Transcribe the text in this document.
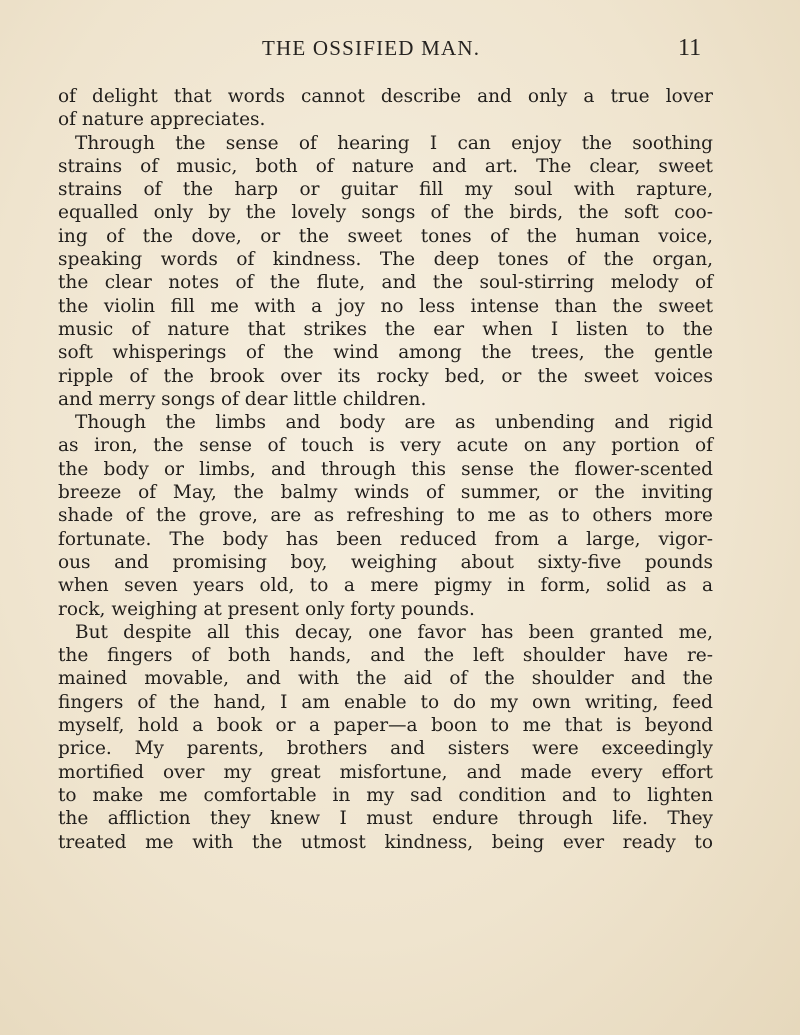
THE OSSIFIED MAN.	11
of delight that words cannot describe and only a true lover
of nature appreciates.
Through the sense of hearing I can enjoy the soothing
strains of music, both of nature and art. The clear, sweet
strains of the harp or guitar fill my soul with rapture,
equalled only by the lovely songs of the birds, the soft coo-
ing of the dove, or the sweet tones of the human voice,
speaking words of kindness. The deep tones of the organ,
the clear notes of the flute, and the soul-stirring melody of
the violin fill me with a joy no less intense than the sweet
music of nature that strikes the ear when I listen to the
soft whisperings of the wind among the trees, the gentle
ripple of the brook over its rocky bed, or the sweet voices
and merry songs of dear little children.
Though the limbs and body are as unbending and rigid
as iron, the sense of touch is very acute on any portion of
the body or limbs, and through this sense the flower-scented
breeze of May, the balmy winds of summer, or the inviting
shade of the grove, are as refreshing to me as to others more
fortunate. The body has been reduced from a large, vigor-
ous and promising boy, weighing about sixty-five pounds
when seven years old, to a mere pigmy in form, solid as a
rock, weighing at present only forty pounds.
But despite all this decay, one favor has been granted me,
the fingers of both hands, and the left shoulder have re-
mained movable, and with the aid of the shoulder and the
fingers of the hand, I am enable to do my own writing, feed
myself, hold a book or a paper—a boon to me that is beyond
price. My parents, brothers and sisters were exceedingly
mortified over my great misfortune, and made every effort
to make me comfortable in my sad condition and to lighten
the affliction they knew I must endure through life. They
treated me with the utmost kindness, being ever ready to
